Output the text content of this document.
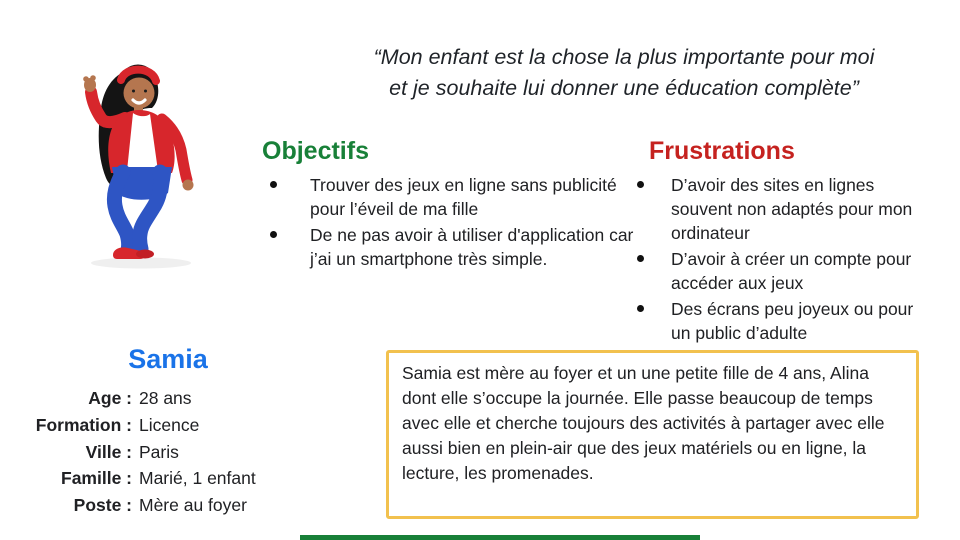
“Mon enfant est la chose la plus importante pour moi
et je souhaite lui donner une éducation complète”
Objectifs
Trouver des jeux en ligne sans publicité pour l’éveil de ma fille
De ne pas avoir à utiliser d'application car j’ai un smartphone très simple.
Frustrations
D’avoir des sites en lignes souvent non adaptés pour mon ordinateur
D’avoir à créer un compte pour accéder aux jeux
Des écrans peu joyeux ou pour un public d’adulte
Samia
Age : 28 ans
Formation : Licence
Ville : Paris
Famille : Marié, 1 enfant
Poste : Mère au foyer
Samia est mère au foyer et un une petite fille de 4 ans, Alina dont elle s’occupe la journée. Elle passe beaucoup de temps avec elle et cherche toujours des activités à partager avec elle aussi bien en plein-air que des jeux matériels ou en ligne, la lecture, les promenades.
